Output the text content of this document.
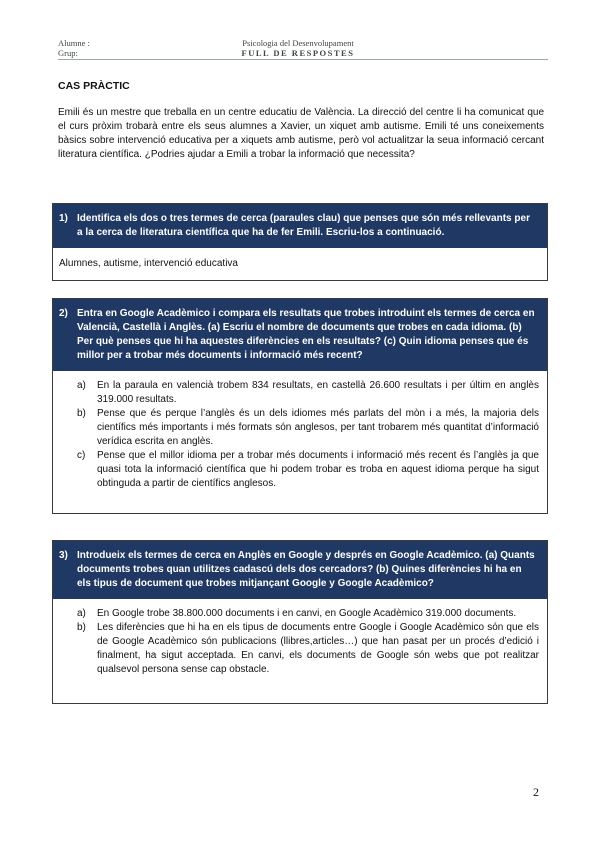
Alumne :
Grup:
Psicologia del Desenvolupament
FULL DE RESPOSTES
CAS PRÀCTIC
Emili és un mestre que treballa en un centre educatiu de València. La direcció del centre li ha comunicat que el curs pròxim trobarà entre els seus alumnes a Xavier, un xiquet amb autisme. Emili té uns coneixements bàsics sobre intervenció educativa per a xiquets amb autisme, però vol actualitzar la seua informació cercant literatura científica. ¿Podries ajudar a Emili a trobar la informació que necessita?
1) Identifica els dos o tres termes de cerca (paraules clau) que penses que són més rellevants per a la cerca de literatura científica que ha de fer Emili. Escriu-los a continuació.
Alumnes, autisme, intervenció educativa
2) Entra en Google Acadèmico i compara els resultats que trobes introduint els termes de cerca en Valencià, Castellà i Anglès. (a) Escriu el nombre de documents que trobes en cada idioma. (b) Per què penses que hi ha aquestes diferències en els resultats? (c) Quin idioma penses que és millor per a trobar més documents i informació més recent?
a)	En la paraula en valencià trobem 834 resultats, en castellà 26.600 resultats i per últim en anglès 319.000 resultats.
b)	Pense que és perque l’anglès és un dels idiomes més parlats del mòn i a més, la majoria dels científics més importants i més formats són anglesos, per tant trobarem més quantitat d’informació verídica escrita en anglès.
c)	Pense que el millor idioma per a trobar més documents i informació més recent és l’anglès ja que quasi tota la informació científica que hi podem trobar es troba en aquest idioma perque ha sigut obtinguda a partir de científics anglesos.
3) Introdueix els termes de cerca en Anglès en Google y després en Google Acadèmico. (a) Quants documents trobes quan utilitzes cadascú dels dos cercadors? (b) Quines diferències hi ha en els tipus de document que trobes mitjançant Google y Google Acadèmico?
a)	En Google trobe 38.800.000 documents i en canvi, en Google Acadèmico 319.000 documents.
b)	Les diferències que hi ha en els tipus de documents entre Google i Google Acadèmico són que els de Google Acadèmico són publicacions (llibres,articles…) que han pasat per un procés d’edició i finalment, ha sigut acceptada. En canvi, els documents de Google són webs que pot realitzar qualsevol persona sense cap obstacle.
2
